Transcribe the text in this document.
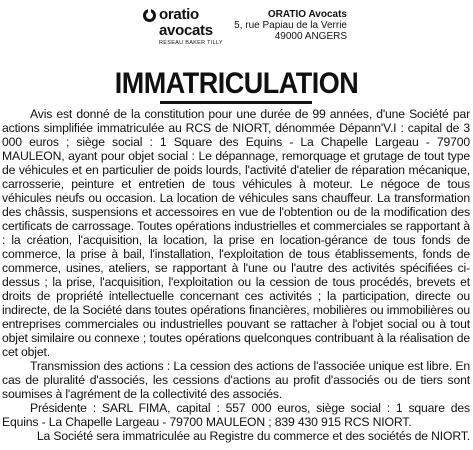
oratio
avocats
RÉSEAU BAKER TILLY
ORATIO Avocats
5, rue Papiau de la Verrie
49000 ANGERS
IMMATRICULATION

Avis est donné de la constitution pour une durée de 99 années, d'une Société par actions simplifiée immatriculée au RCS de NIORT, dénommée Dépann'V.I : capital de 3 000 euros ; siège social : 1 Square des Equins - La Chapelle Largeau - 79700 MAULEON, ayant pour objet social : Le dépannage, remorquage et grutage de tout type de véhicules et en particulier de poids lourds, l'activité d'atelier de réparation mécanique, carrosserie, peinture et entretien de tous véhicules à moteur. Le négoce de tous véhicules neufs ou occasion. La location de véhicules sans chauffeur. La transformation des châssis, suspensions et accessoires en vue de l'obtention ou de la modification des certificats de carrossage. Toutes opérations industrielles et commerciales se rapportant à : la création, l'acquisition, la location, la prise en location-gérance de tous fonds de commerce, la prise à bail, l'installation, l'exploitation de tous établissements, fonds de commerce, usines, ateliers, se rapportant à l'une ou l'autre des activités spécifiées ci-dessus ; la prise, l'acquisition, l'exploitation ou la cession de tous procédés, brevets et droits de propriété intellectuelle concernant ces activités ; la participation, directe ou indirecte, de la Société dans toutes opérations financières, mobilières ou immobilières ou entreprises commerciales ou industrielles pouvant se rattacher à l'objet social ou à tout objet similaire ou connexe ; toutes opérations quelconques contribuant à la réalisation de cet objet.

Transmission des actions : La cession des actions de l'associée unique est libre. En cas de pluralité d'associés, les cessions d'actions au profit d'associés ou de tiers sont soumises à l'agrément de la collectivité des associés.

Présidente : SARL FIMA, capital : 557 000 euros, siège social : 1 square des Equins - La Chapelle Largeau - 79700 MAULEON ; 839 430 915 RCS NIORT.

La Société sera immatriculée au Registre du commerce et des sociétés de NIORT.
